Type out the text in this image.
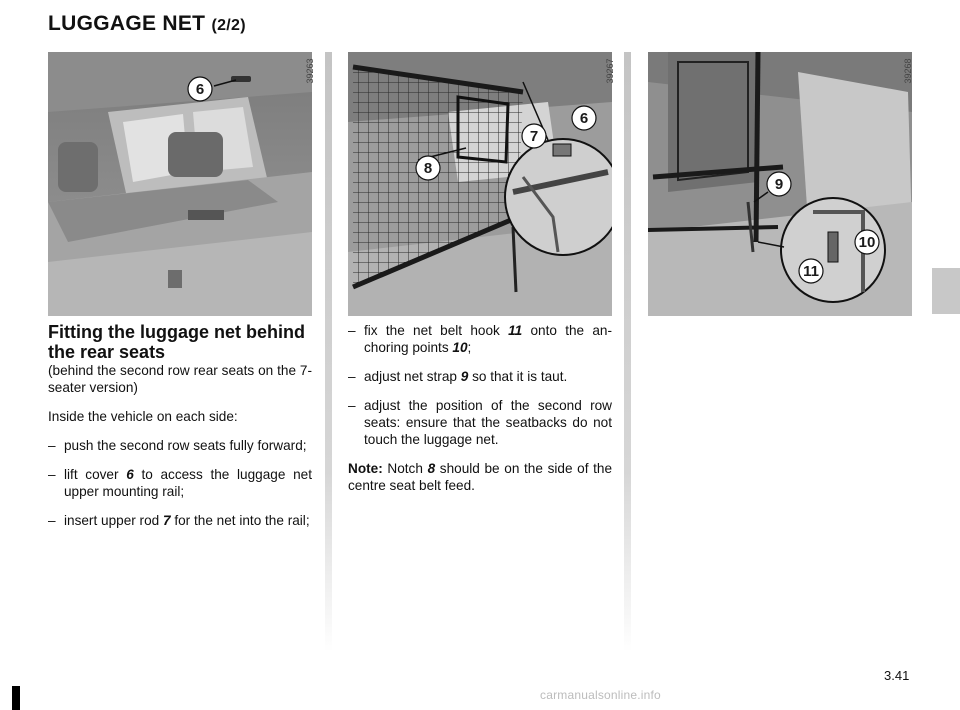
LUGGAGE NET (2/2)
6
39263
6
7
8
39267
9
10
11
39268

Fitting the luggage net behind the rear seats

(behind the second row rear seats on the 7-seater version)

Inside the vehicle on each side:

– push the second row seats fully forward;

– lift cover 6 to access the luggage net upper mounting rail;

– insert upper rod 7 for the net into the rail;

– fix the net belt hook 11 onto the an-choring points 10;

– adjust net strap 9 so that it is taut.

– adjust the position of the second row seats: ensure that the seatbacks do not touch the luggage net.

Note: Notch 8 should be on the side of the centre seat belt feed.

3.41
carmanualsonline.info
